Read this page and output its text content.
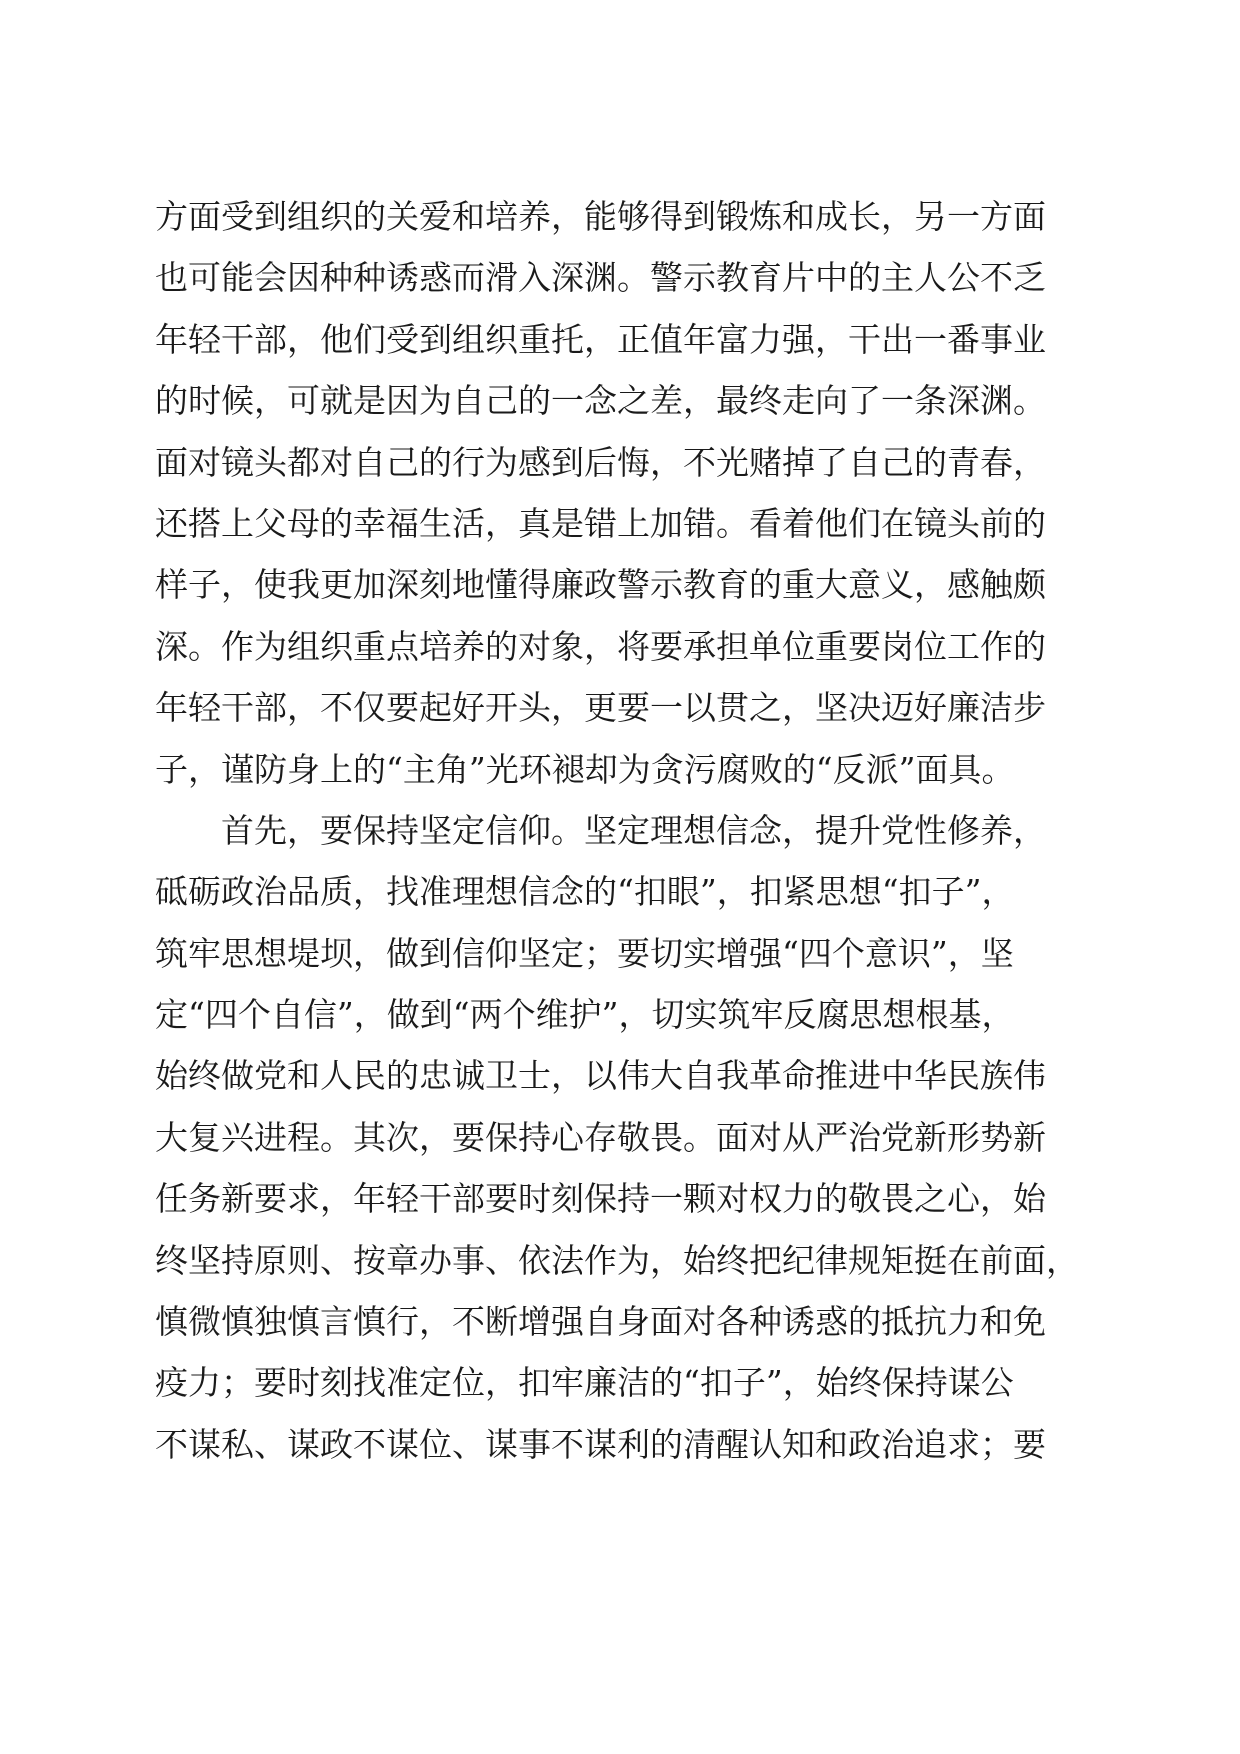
方面受到组织的关爱和培养，能够得到锻炼和成长，另一方面
也可能会因种种诱惑而滑入深渊。警示教育片中的主人公不乏
年轻干部，他们受到组织重托，正值年富力强，干出一番事业
的时候，可就是因为自己的一念之差，最终走向了一条深渊。
面对镜头都对自己的行为感到后悔，不光赌掉了自己的青春，
还搭上父母的幸福生活，真是错上加错。看着他们在镜头前的
样子，使我更加深刻地懂得廉政警示教育的重大意义，感触颇
深。作为组织重点培养的对象，将要承担单位重要岗位工作的
年轻干部，不仅要起好开头，更要一以贯之，坚决迈好廉洁步
子，谨防身上的“主角”光环褪却为贪污腐败的“反派”面具。
首先，要保持坚定信仰。坚定理想信念，提升党性修养，
砥砺政治品质，找准理想信念的“扣眼”，扣紧思想“扣子”，
筑牢思想堤坝，做到信仰坚定；要切实增强“四个意识”，坚
定“四个自信”，做到“两个维护”，切实筑牢反腐思想根基，
始终做党和人民的忠诚卫士，以伟大自我革命推进中华民族伟
大复兴进程。其次，要保持心存敬畏。面对从严治党新形势新
任务新要求，年轻干部要时刻保持一颗对权力的敬畏之心，始
终坚持原则、按章办事、依法作为，始终把纪律规矩挺在前面，
慎微慎独慎言慎行，不断增强自身面对各种诱惑的抵抗力和免
疫力；要时刻找准定位，扣牢廉洁的“扣子”，始终保持谋公
不谋私、谋政不谋位、谋事不谋利的清醒认知和政治追求；要
